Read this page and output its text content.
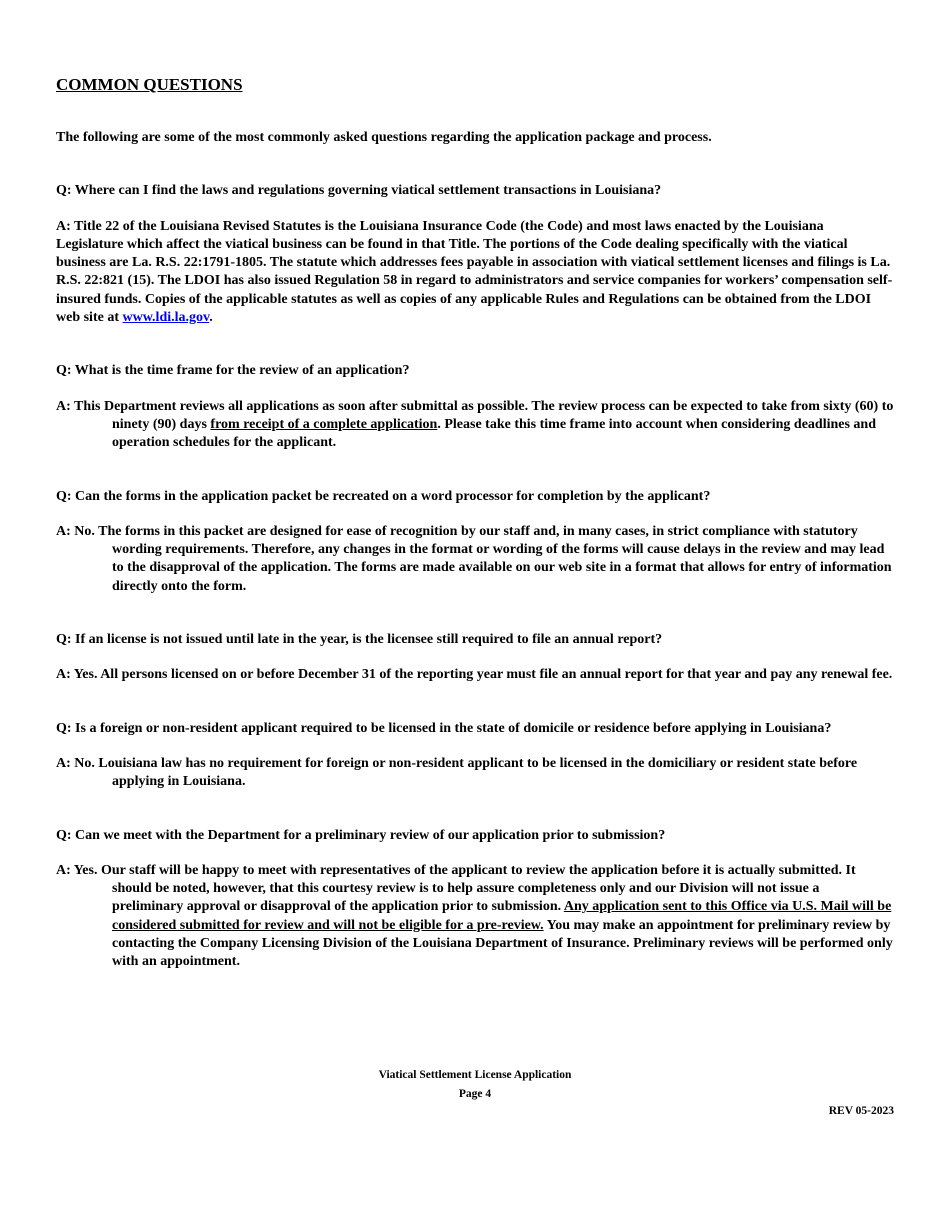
COMMON QUESTIONS

The following are some of the most commonly asked questions regarding the application package and process.

Q: Where can I find the laws and regulations governing viatical settlement transactions in Louisiana?

A: Title 22 of the Louisiana Revised Statutes is the Louisiana Insurance Code (the Code) and most laws enacted by the Louisiana Legislature which affect the viatical business can be found in that Title. The portions of the Code dealing specifically with the viatical business are La. R.S. 22:1791-1805. The statute which addresses fees payable in association with viatical settlement licenses and filings is La. R.S. 22:821 (15). The LDOI has also issued Regulation 58 in regard to administrators and service companies for workers’ compensation self-insured funds. Copies of the applicable statutes as well as copies of any applicable Rules and Regulations can be obtained from the LDOI web site at www.ldi.la.gov.

Q: What is the time frame for the review of an application?

A: This Department reviews all applications as soon after submittal as possible. The review process can be expected to take from sixty (60) to ninety (90) days from receipt of a complete application. Please take this time frame into account when considering deadlines and operation schedules for the applicant.

Q: Can the forms in the application packet be recreated on a word processor for completion by the applicant?

A: No. The forms in this packet are designed for ease of recognition by our staff and, in many cases, in strict compliance with statutory wording requirements. Therefore, any changes in the format or wording of the forms will cause delays in the review and may lead to the disapproval of the application. The forms are made available on our web site in a format that allows for entry of information directly onto the form.

Q: If an license is not issued until late in the year, is the licensee still required to file an annual report?

A: Yes. All persons licensed on or before December 31 of the reporting year must file an annual report for that year and pay any renewal fee.

Q: Is a foreign or non-resident applicant required to be licensed in the state of domicile or residence before applying in Louisiana?

A: No. Louisiana law has no requirement for foreign or non-resident applicant to be licensed in the domiciliary or resident state before applying in Louisiana.

Q: Can we meet with the Department for a preliminary review of our application prior to submission?

A: Yes. Our staff will be happy to meet with representatives of the applicant to review the application before it is actually submitted. It should be noted, however, that this courtesy review is to help assure completeness only and our Division will not issue a preliminary approval or disapproval of the application prior to submission. Any application sent to this Office via U.S. Mail will be considered submitted for review and will not be eligible for a pre-review. You may make an appointment for preliminary review by contacting the Company Licensing Division of the Louisiana Department of Insurance. Preliminary reviews will be performed only with an appointment.

Viatical Settlement License Application
Page 4
REV 05-2023
